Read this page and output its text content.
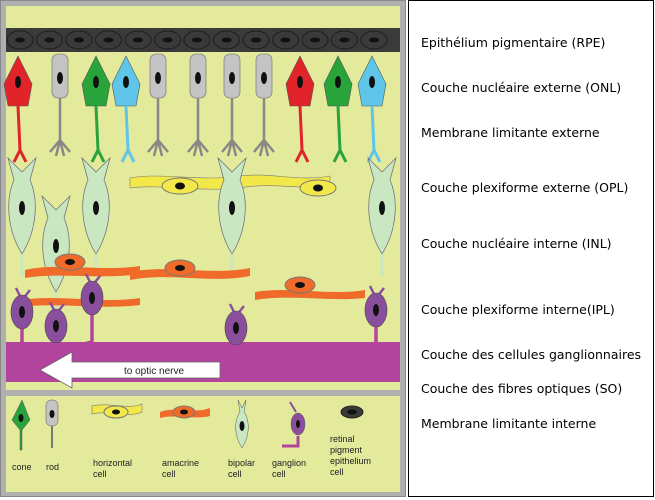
to optic nerve
cone rod	horizontal
cell
amacrine
cell
bipolar
cell
ganglion
cell
retinal
pigment
epithelium
cell
Epithélium pigmentaire (RPE)
Couche nucléaire externe (ONL)
Membrane limitante externe
Couche plexiforme externe (OPL)
Couche nucléaire interne (INL)
Couche plexiforme interne(IPL)
Couche des cellules ganglionnaires
Couche des fibres optiques (SO)
Membrane limitante interne
